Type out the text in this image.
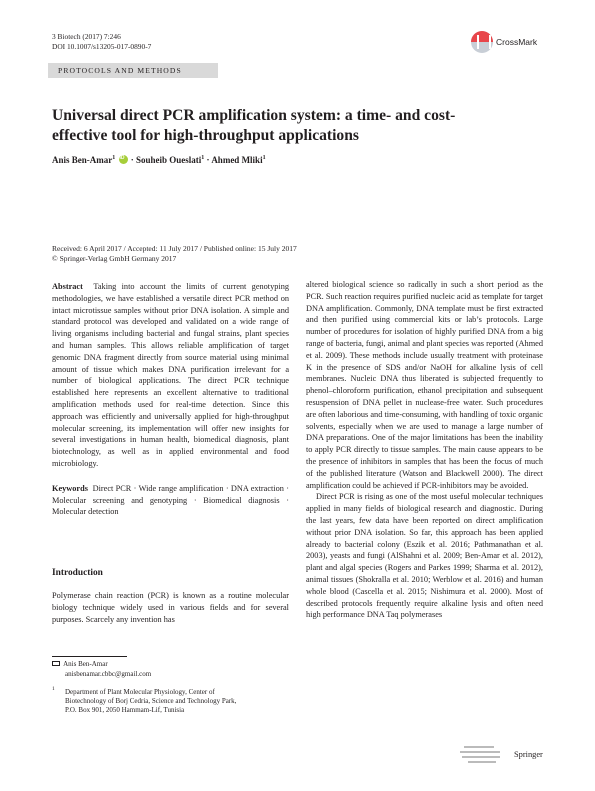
3 Biotech (2017) 7:246
DOI 10.1007/s13205-017-0890-7	CrossMark
PROTOCOLS AND METHODS
Universal direct PCR amplification system: a time- and cost-effective tool for high-throughput applications
Anis Ben-Amar$^1$ iD · Souheib Oueslati$^1$ · Ahmed Mliki$^1$
Received: 6 April 2017 / Accepted: 11 July 2017 / Published online: 15 July 2017
© Springer-Verlag GmbH Germany 2017

Abstract Taking into account the limits of current genotyping methodologies, we have established a versatile direct PCR method on intact microtissue samples without prior DNA isolation. A simple and standard protocol was developed and validated on a wide range of living organisms including bacterial and fungal strains, plant species and human samples. This allows reliable amplification of target genomic DNA fragment directly from source material using minimal amount of tissue which makes DNA purification irrelevant for a number of biological applications. The direct PCR technique established here represents an excellent alternative to traditional amplification methods used for real-time detection. Since this approach was efficiently and universally applied for high-throughput molecular screening, its implementation will offer new insights for several investigations in human health, biomedical diagnosis, plant biotechnology, as well as in applied environmental and food microbiology.

Keywords Direct PCR · Wide range amplification · DNA extraction · Molecular screening and genotyping · Biomedical diagnosis · Molecular detection

Introduction

Polymerase chain reaction (PCR) is known as a routine molecular biology technique widely used in various fields and for several purposes. Scarcely any invention has

Anis Ben-Amar
anisbenamar.cbbc@gmail.com
1 Department of Plant Molecular Physiology, Center of
Biotechnology of Borj Cedria, Science and Technology Park,
P.O. Box 901, 2050 Hammam-Lif, Tunisia

altered biological science so radically in such a short period as the PCR. Such reaction requires purified nucleic acid as template for target DNA amplification. Commonly, DNA template must be first extracted and then purified using commercial kits or lab’s protocols. Large number of procedures for isolation of highly purified DNA from a big range of bacteria, fungi, animal and plant species was reported (Ahmed et al. 2009). These methods include usually treatment with proteinase K in the presence of SDS and/or NaOH for alkaline lysis of cell membranes. Nucleic DNA thus liberated is subjected frequently to phenol–chloroform purification, ethanol precipitation and subsequent resuspension of DNA pellet in nuclease-free water. Such procedures are often laborious and time-consuming, with handling of toxic organic solvents, especially when we are used to manage a large number of DNA preparations. One of the major limitations has been the inability to apply PCR directly to tissue samples. The main cause appears to be the presence of inhibitors in samples that has been the focus of much of the published literature (Watson and Blackwell 2000). The direct amplification could be achieved if PCR-inhibitors may be avoided.

Direct PCR is rising as one of the most useful molecular techniques applied in many fields of biological research and diagnostic. During the last years, few data have been reported on direct amplification without prior DNA isolation. So far, this approach has been applied already to bacterial colony (Eszik et al. 2016; Pathmanathan et al. 2003), yeasts and fungi (AlShahni et al. 2009; Ben-Amar et al. 2012), plant and algal species (Rogers and Parkes 1999; Sharma et al. 2012), animal tissues (Shokralla et al. 2010; Werblow et al. 2016) and human whole blood (Cascella et al. 2015; Nishimura et al. 2000). Most of described protocols frequently require alkaline lysis and often need high performance DNA Taq polymerases

Springer
